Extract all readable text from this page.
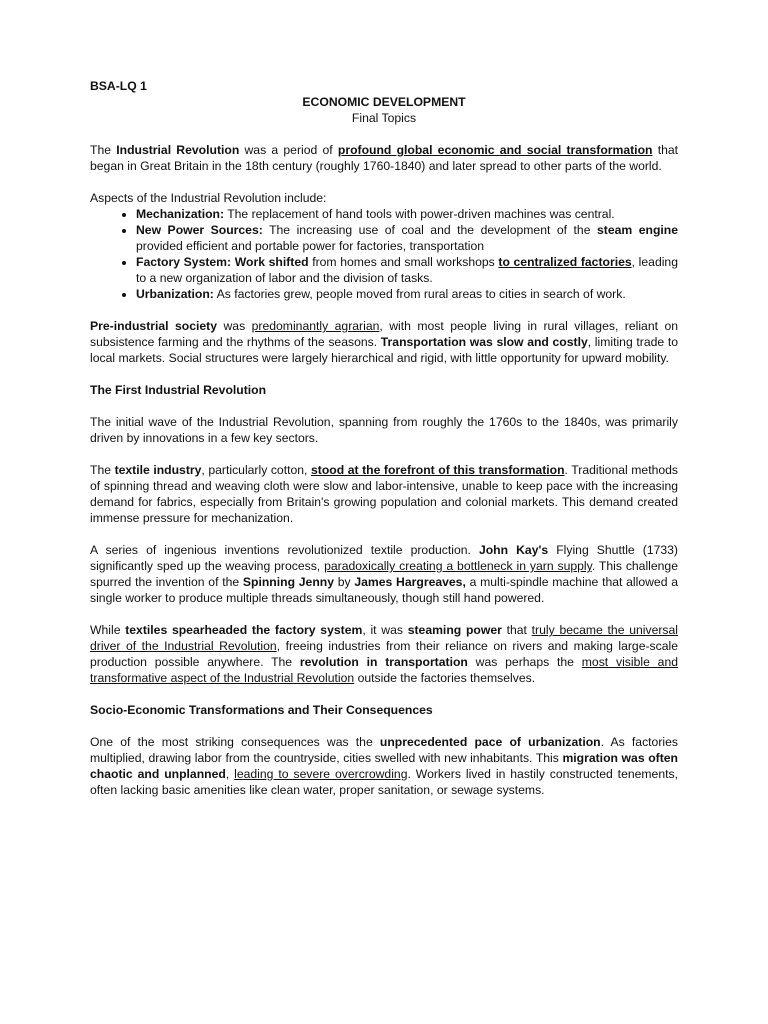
BSA-LQ 1

ECONOMIC DEVELOPMENT

Final Topics

The Industrial Revolution was a period of profound global economic and social transformation that began in Great Britain in the 18th century (roughly 1760-1840) and later spread to other parts of the world.

Aspects of the Industrial Revolution include:

• Mechanization: The replacement of hand tools with power-driven machines was central.
• New Power Sources: The increasing use of coal and the development of the steam engine provided efficient and portable power for factories, transportation
• Factory System: Work shifted from homes and small workshops to centralized factories, leading to a new organization of labor and the division of tasks.
• Urbanization: As factories grew, people moved from rural areas to cities in search of work.

Pre-industrial society was predominantly agrarian, with most people living in rural villages, reliant on subsistence farming and the rhythms of the seasons. Transportation was slow and costly, limiting trade to local markets. Social structures were largely hierarchical and rigid, with little opportunity for upward mobility.

The First Industrial Revolution

The initial wave of the Industrial Revolution, spanning from roughly the 1760s to the 1840s, was primarily driven by innovations in a few key sectors.

The textile industry, particularly cotton, stood at the forefront of this transformation. Traditional methods of spinning thread and weaving cloth were slow and labor-intensive, unable to keep pace with the increasing demand for fabrics, especially from Britain's growing population and colonial markets. This demand created immense pressure for mechanization.

A series of ingenious inventions revolutionized textile production. John Kay's Flying Shuttle (1733) significantly sped up the weaving process, paradoxically creating a bottleneck in yarn supply. This challenge spurred the invention of the Spinning Jenny by James Hargreaves, a multi-spindle machine that allowed a single worker to produce multiple threads simultaneously, though still hand powered.

While textiles spearheaded the factory system, it was steaming power that truly became the universal driver of the Industrial Revolution, freeing industries from their reliance on rivers and making large-scale production possible anywhere. The revolution in transportation was perhaps the most visible and transformative aspect of the Industrial Revolution outside the factories themselves.

Socio-Economic Transformations and Their Consequences

One of the most striking consequences was the unprecedented pace of urbanization. As factories multiplied, drawing labor from the countryside, cities swelled with new inhabitants. This migration was often chaotic and unplanned, leading to severe overcrowding. Workers lived in hastily constructed tenements, often lacking basic amenities like clean water, proper sanitation, or sewage systems.
